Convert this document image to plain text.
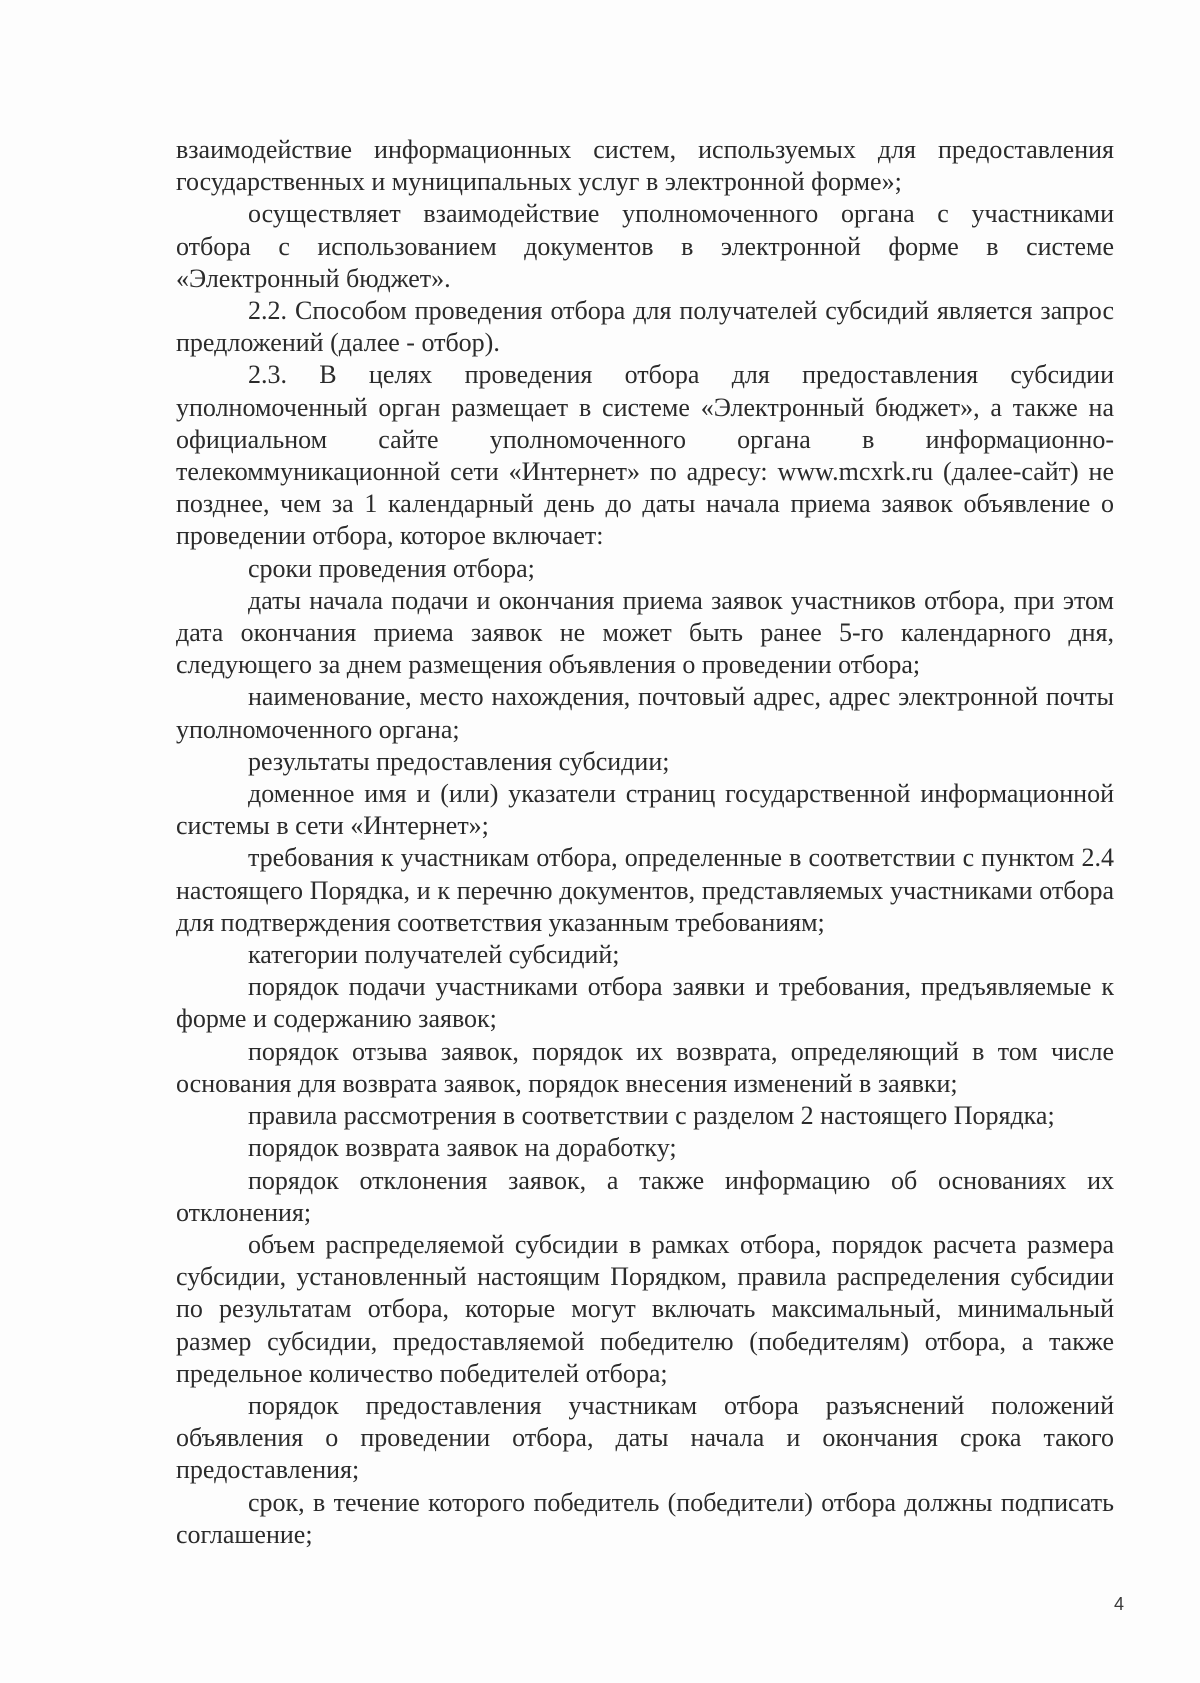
взаимодействие информационных систем, используемых для предоставления государственных и муниципальных услуг в электронной форме»;

осуществляет взаимодействие уполномоченного органа с участниками отбора с использованием документов в электронной форме в системе «Электронный бюджет».

2.2. Способом проведения отбора для получателей субсидий является запрос предложений (далее - отбор).

2.3. В целях проведения отбора для предоставления субсидии уполномоченный орган размещает в системе «Электронный бюджет», а также на официальном сайте уполномоченного органа в информационно-телекоммуникационной сети «Интернет» по адресу: www.mcxrk.ru (далее-сайт) не позднее, чем за 1 календарный день до даты начала приема заявок объявление о проведении отбора, которое включает:

сроки проведения отбора;

даты начала подачи и окончания приема заявок участников отбора, при этом дата окончания приема заявок не может быть ранее 5-го календарного дня, следующего за днем размещения объявления о проведении отбора;

наименование, место нахождения, почтовый адрес, адрес электронной почты уполномоченного органа;

результаты предоставления субсидии;

доменное имя и (или) указатели страниц государственной информационной системы в сети «Интернет»;

требования к участникам отбора, определенные в соответствии с пунктом 2.4 настоящего Порядка, и к перечню документов, представляемых участниками отбора для подтверждения соответствия указанным требованиям;

категории получателей субсидий;

порядок подачи участниками отбора заявки и требования, предъявляемые к форме и содержанию заявок;

порядок отзыва заявок, порядок их возврата, определяющий в том числе основания для возврата заявок, порядок внесения изменений в заявки;

правила рассмотрения в соответствии с разделом 2 настоящего Порядка;

порядок возврата заявок на доработку;

порядок отклонения заявок, а также информацию об основаниях их отклонения;

объем распределяемой субсидии в рамках отбора, порядок расчета размера субсидии, установленный настоящим Порядком, правила распределения субсидии по результатам отбора, которые могут включать максимальный, минимальный размер субсидии, предоставляемой победителю (победителям) отбора, а также предельное количество победителей отбора;

порядок предоставления участникам отбора разъяснений положений объявления о проведении отбора, даты начала и окончания срока такого предоставления;

срок, в течение которого победитель (победители) отбора должны подписать соглашение;

4
